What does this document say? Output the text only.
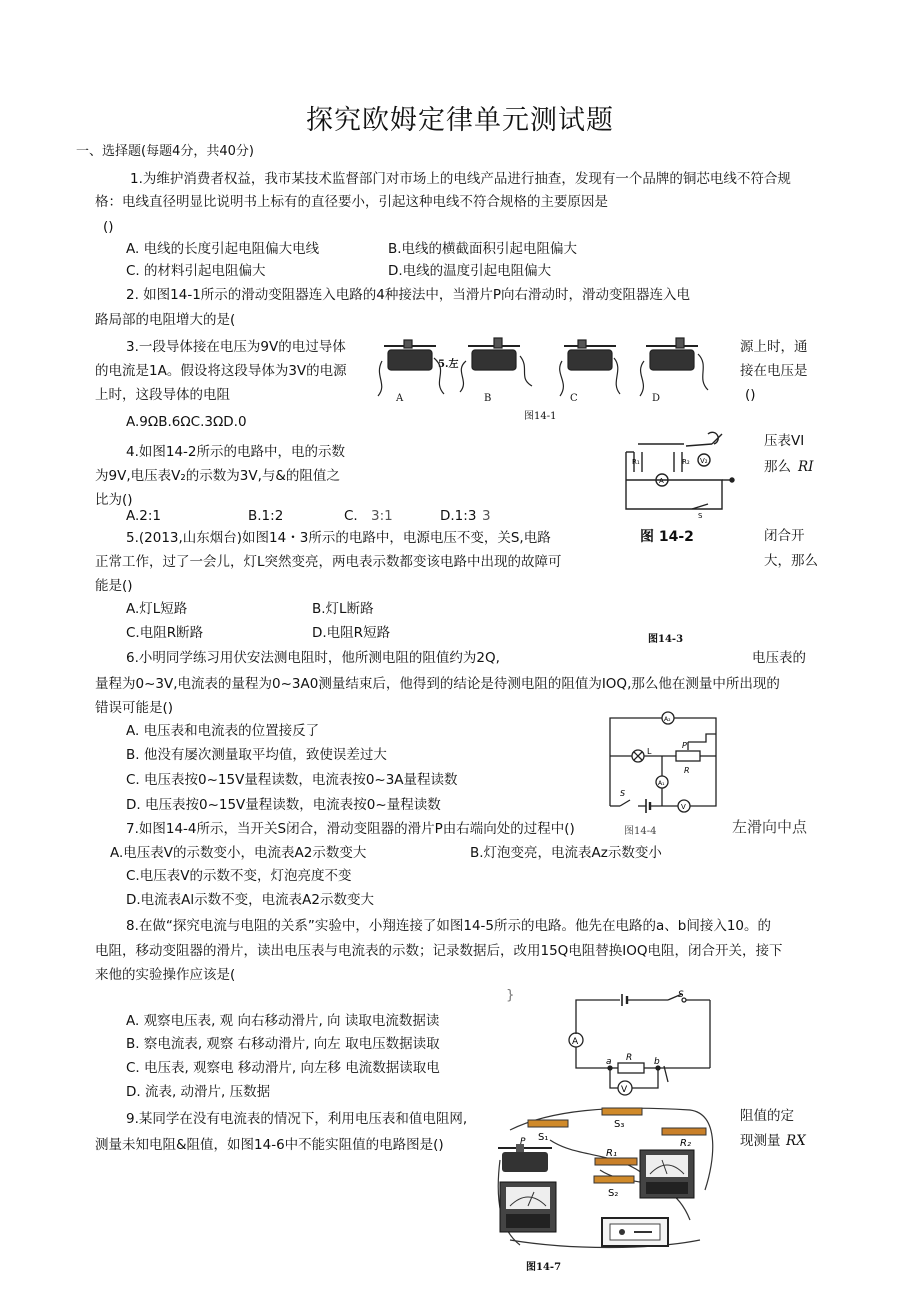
探究欧姆定律单元测试题
一、选择题(每题4分，共40分)
1.为维护消费者权益，我市某技术监督部门对市场上的电线产品进行抽查，发现有一个品牌的铜芯电线不符合规
格：电线直径明显比说明书上标有的直径要小，引起这种电线不符合规格的主要原因是
()
A. 电线的长度引起电阻偏大电线	B.电线的横截面积引起电阻偏大
C. 的材料引起电阻偏大	D.电线的温度引起电阻偏大
2. 如图14-1所示的滑动变阻器连入电路的4种接法中，当滑片P向右滑动时，滑动变阻器连入电
路局部的电阻增大的是(
3.一段导体接在电压为9V的电过导体
的电流是1A。假设将这段导体为3V的电源
上时，这段导体的电阻
源上时，通
接在电压是
()
A.9ΩB.6ΩC.3ΩD.0
A	B	C	D
图14-1
5.左
4.如图14-2所示的电路中，电的示数
为9V,电压表V₂的示数为3V,与&的阻值之
比为()
压表VI
那么 RI
A.2:1	B.1:2	C. 3:1	D.1:3 3
R₁	R₂
A
V₂
S
图 14-2
5.(2013,山东烟台)如图14・3所示的电路中，电源电压不变，关S,电路
正常工作，过了一会儿，灯L突然变亮，两电表示数都变该电路中出现的故障可
能是()
闭合开
大，那么
A.灯L短路	B.灯L断路
C.电阻R断路	D.电阻R短路	图14-3
6.小明同学练习用伏安法测电阻时，他所测电阻的阻值约为2Q,	电压表的
量程为0~3V,电流表的量程为0~3A0测量结束后，他得到的结论是待测电阻的阻值为IOQ,那么他在测量中所出现的
错误可能是()
A. 电压表和电流表的位置接反了
B. 他没有屡次测量取平均值，致使误差过大
C. 电压表按0~15V量程读数，电流表按0~3A量程读数
D. 电压表按0~15V量程读数，电流表按0~量程读数
A₂
L
P
R
A₁
S
V
图14-4	左滑向中点
7.如图14-4所示，当开关S闭合，滑动变阻器的滑片P由右端向处的过程中()
A.电压表V的示数变小，电流表A2示数变大	B.灯泡变亮，电流表Az示数变小
C.电压表V的示数不变，灯泡亮度不变
D.电流表Al示数不变，电流表A2示数变大
8.在做“探究电流与电阻的关系”实验中，小翔连接了如图14-5所示的电路。他先在电路的a、b间接入10。的
电阻，移动变阻器的滑片，读出电压表与电流表的示数；记录数据后，改用15Q电阻替换IOQ电阻，闭合开关，接下
来他的实验操作应该是(
}
A. 观察电压表, 观 向右移动滑片, 向 读取电流数据读
B. 察电流表, 观察 右移动滑片, 向左 取电压数据读取
C. 电压表, 观察电 移动滑片, 向左移 电流数据读取电
D. 流表, 动滑片, 压数据
S
A
a R b
V
9.某同学在没有电流表的情况下，利用电压表和值电阻网,
测量未知电阻&阻值，如图14-6中不能实阻值的电路图是()
阻值的定
现测量 RX
S₁
S₃
R₁
R₂
S₂
P
图14-7
